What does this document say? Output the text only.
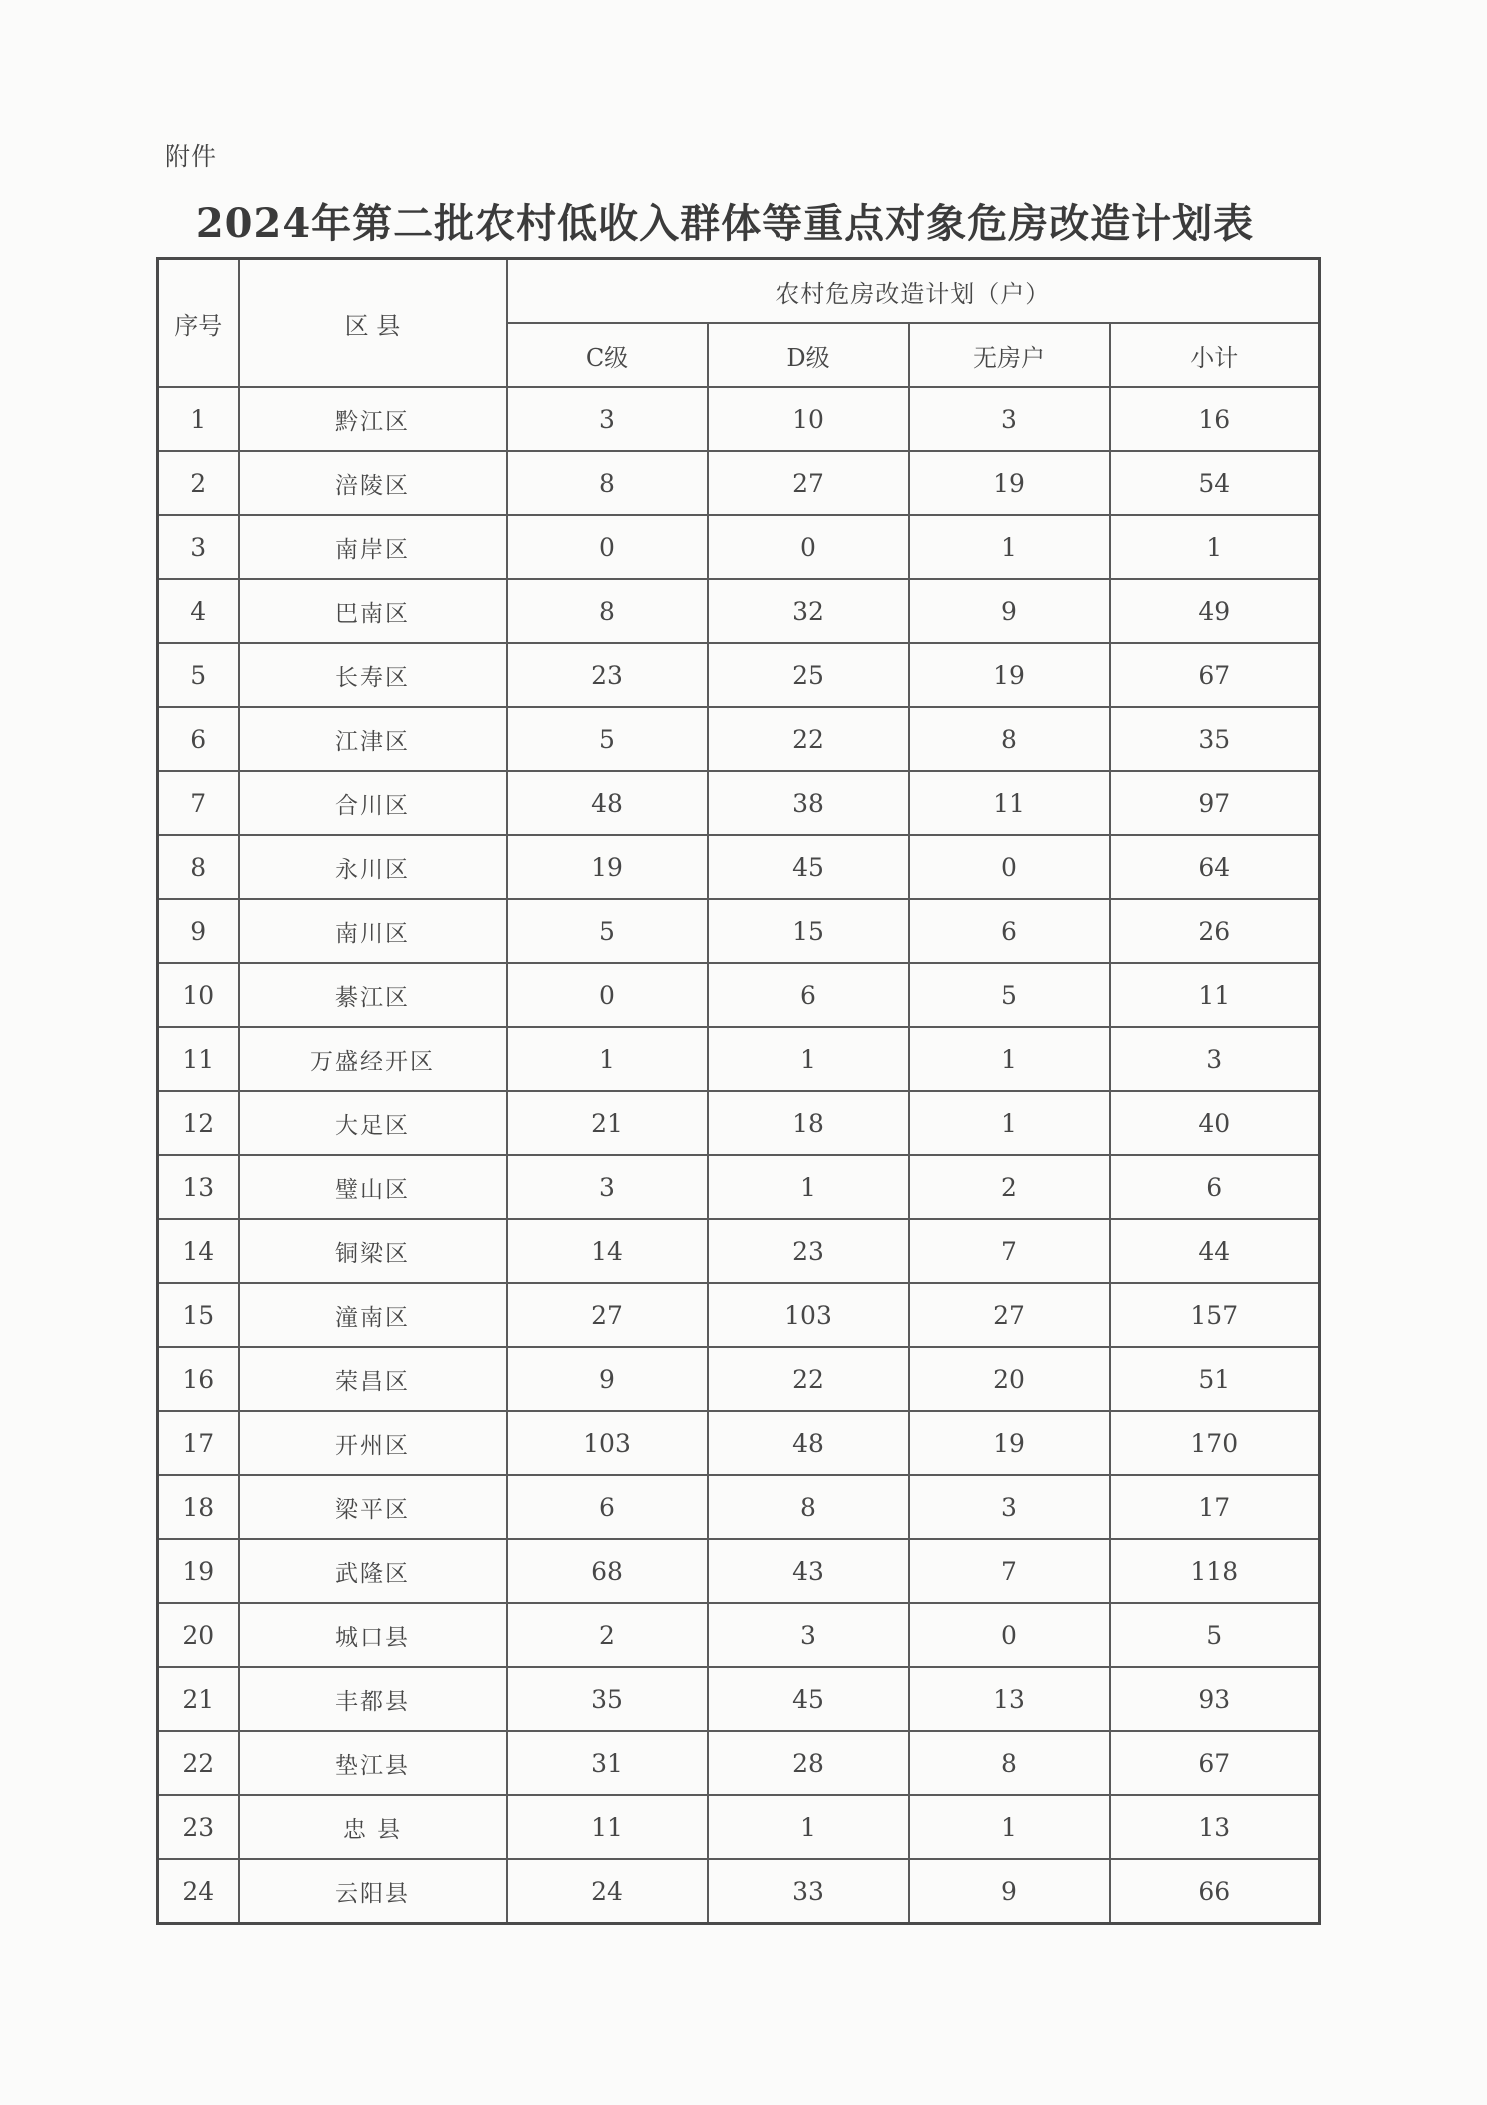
附件
2024年第二批农村低收入群体等重点对象危房改造计划表
序号	区 县	农村危房改造计划（户）			
		C级	D级	无房户	小计
1	黔江区	3	10	3	16
2	涪陵区	8	27	19	54
3	南岸区	0	0	1	1
4	巴南区	8	32	9	49
5	长寿区	23	25	19	67
6	江津区	5	22	8	35
7	合川区	48	38	11	97
8	永川区	19	45	0	64
9	南川区	5	15	6	26
10	綦江区	0	6	5	11
11	万盛经开区	1	1	1	3
12	大足区	21	18	1	40
13	璧山区	3	1	2	6
14	铜梁区	14	23	7	44
15	潼南区	27	103	27	157
16	荣昌区	9	22	20	51
17	开州区	103	48	19	170
18	梁平区	6	8	3	17
19	武隆区	68	43	7	118
20	城口县	2	3	0	5
21	丰都县	35	45	13	93
22	垫江县	31	28	8	67
23	忠 县	11	1	1	13
24	云阳县	24	33	9	66
